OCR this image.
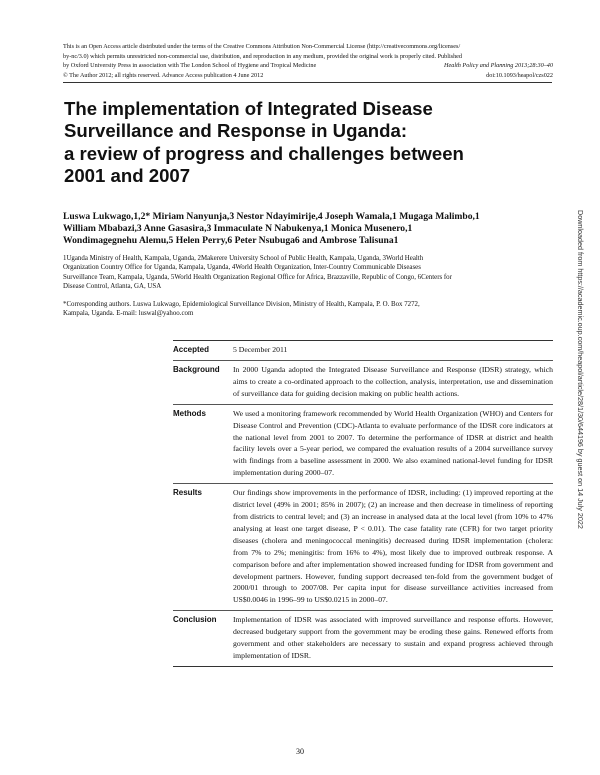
This is an Open Access article distributed under the terms of the Creative Commons Attribution Non-Commercial License (http://creativecommons.org/licenses/
by-nc/3.0) which permits unrestricted non-commercial use, distribution, and reproduction in any medium, provided the original work is properly cited. Published
by Oxford University Press in association with The London School of Hygiene and Tropical Medicine	Health Policy and Planning 2013;28:30–40
© The Author 2012; all rights reserved. Advance Access publication 4 June 2012	doi:10.1093/heapol/czs022
The implementation of Integrated Disease
Surveillance and Response in Uganda:
a review of progress and challenges between
2001 and 2007
Luswa Lukwago,1,2* Miriam Nanyunja,3 Nestor Ndayimirije,4 Joseph Wamala,1 Mugaga Malimbo,1
William Mbabazi,3 Anne Gasasira,3 Immaculate N Nabukenya,1 Monica Musenero,1
Wondimagegnehu Alemu,5 Helen Perry,6 Peter Nsubuga6 and Ambrose Talisuna1
1Uganda Ministry of Health, Kampala, Uganda, 2Makerere University School of Public Health, Kampala, Uganda, 3World Health
Organization Country Office for Uganda, Kampala, Uganda, 4World Health Organization, Inter-Country Communicable Diseases
Surveillance Team, Kampala, Uganda, 5World Health Organization Regional Office for Africa, Brazzaville, Republic of Congo, 6Centers for
Disease Control, Atlanta, GA, USA
*Corresponding authors. Luswa Lukwago, Epidemiological Surveillance Division, Ministry of Health, Kampala, P. O. Box 7272,
Kampala, Uganda. E-mail: luswal@yahoo.com
Accepted	5 December 2011
Background	In 2000 Uganda adopted the Integrated Disease Surveillance and Response (IDSR) strategy, which aims to create a co-ordinated approach to the collection, analysis, interpretation, use and dissemination of surveillance data for guiding decision making on public health actions.
Methods	We used a monitoring framework recommended by World Health Organization (WHO) and Centers for Disease Control and Prevention (CDC)-Atlanta to evaluate performance of the IDSR core indicators at the national level from 2001 to 2007. To determine the performance of IDSR at district and health facility levels over a 5-year period, we compared the evaluation results of a 2004 surveillance survey with findings from a baseline assessment in 2000. We also examined national-level funding for IDSR implementation during 2000–07.
Results	Our findings show improvements in the performance of IDSR, including: (1) improved reporting at the district level (49% in 2001; 85% in 2007); (2) an increase and then decrease in timeliness of reporting from districts to central level; and (3) an increase in analysed data at the local level (from 10% to 47% analysing at least one target disease, P < 0.01). The case fatality rate (CFR) for two target priority diseases (cholera and meningococcal meningitis) decreased during IDSR implementation (cholera: from 7% to 2%; meningitis: from 16% to 4%), most likely due to improved outbreak response. A comparison before and after implementation showed increased funding for IDSR from government and development partners. However, funding support decreased ten-fold from the government budget of 2000/01 through to 2007/08. Per capita input for disease surveillance activities increased from US$0.0046 in 1996–99 to US$0.0215 in 2000–07.
Conclusion	Implementation of IDSR was associated with improved surveillance and response efforts. However, decreased budgetary support from the government may be eroding these gains. Renewed efforts from government and other stakeholders are necessary to sustain and expand progress achieved through implementation of IDSR.
Downloaded from https://academic.oup.com/heapol/article/28/1/30/644196 by guest on 14 July 2022
30
